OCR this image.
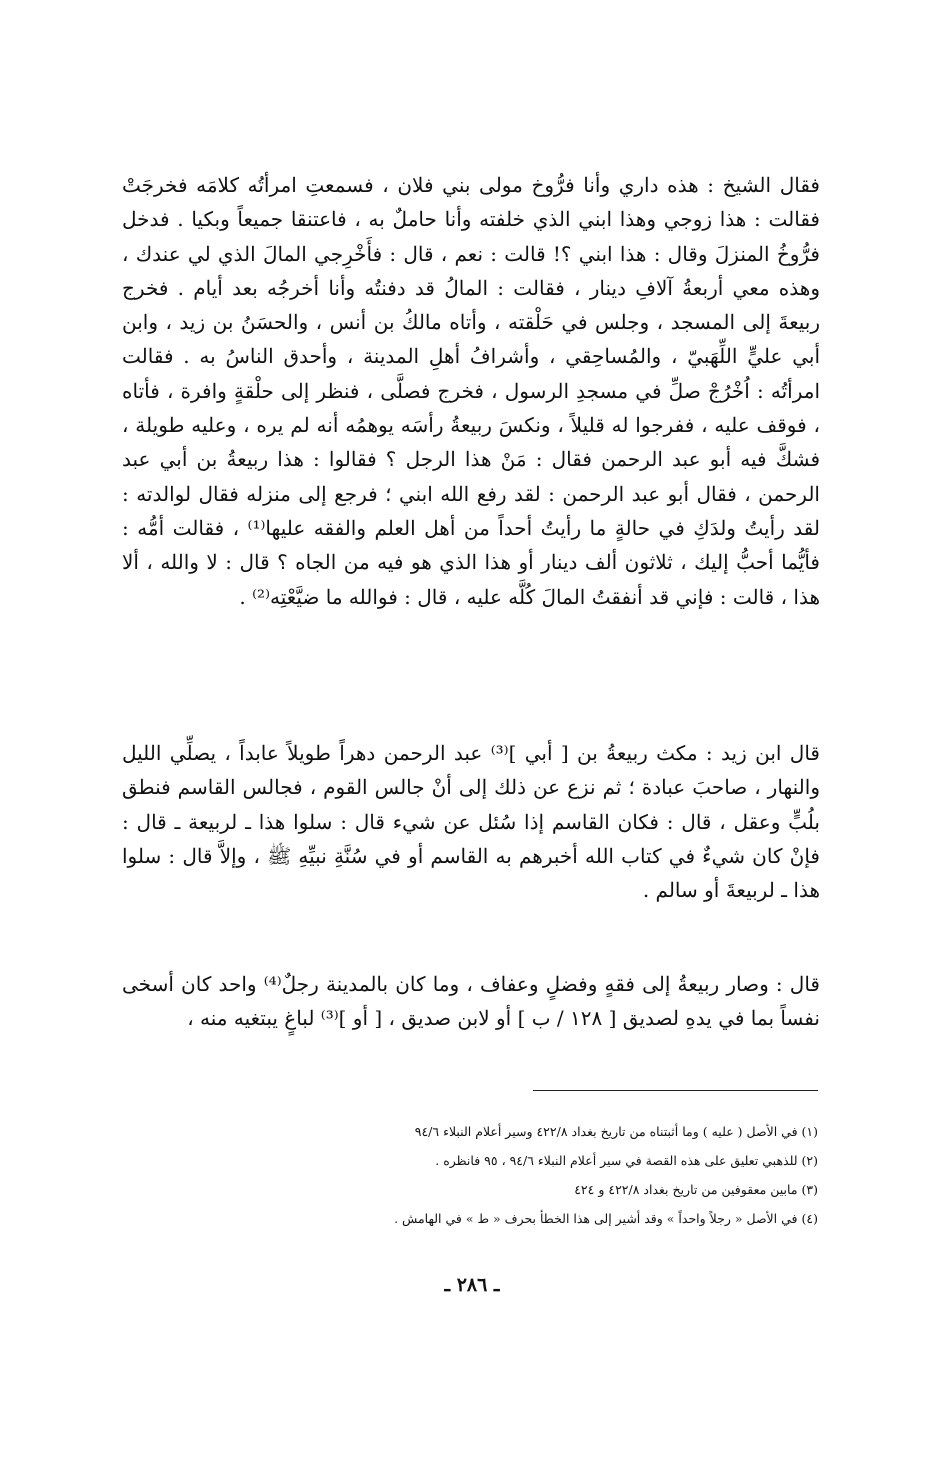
فقال الشيخ : هذه داري وأنا فرُّوخ مولى بني فلان ، فسمعتِ امرأتُه كلامَه فخرجَتْ فقالت : هذا زوجي وهذا ابني الذي خلفته وأنا حاملٌ به ، فاعتنقا جميعاً وبكيا . فدخل فرُّوخُ المنزلَ وقال : هذا ابني ؟! قالت : نعم ، قال : فأَخْرِجي المالَ الذي لي عندك ، وهذه معي أربعةُ آلافِ دينار ، فقالت : المالُ قد دفنتُه وأنا أخرجُه بعد أيام . فخرج ربيعةَ إلى المسجد ، وجلس في حَلْقته ، وأتاه مالكُ بن أنس ، والحسَنُ بن زيد ، وابن أبي عليٍّ اللِّهَبيّ ، والمُساحِقي ، وأشرافُ أهلِ المدينة ، وأحدق الناسُ به . فقالت امرأتُه : اُخْرُجْ صلِّ في مسجدِ الرسول ، فخرج فصلَّى ، فنظر إلى حلْقةٍ وافرة ، فأتاه ، فوقف عليه ، ففرجوا له قليلاً ، ونكسَ ربيعةُ رأسَه يوهمُه أنه لم يره ، وعليه طويلة ، فشكَّ فيه أبو عبد الرحمن فقال : مَنْ هذا الرجل ؟ فقالوا : هذا ربيعةُ بن أبي عبد الرحمن ، فقال أبو عبد الرحمن : لقد رفع الله ابني ؛ فرجع إلى منزله فقال لوالدته : لقد رأيتُ ولدَكِ في حالةٍ ما رأيتُ أحداً من أهل العلم والفقه عليها⁽¹⁾ ، فقالت أمُّه : فأيُّما أحبُّ إليك ، ثلاثون ألف دينار أو هذا الذي هو فيه من الجاه ؟ قال : لا والله ، ألا هذا ، قالت : فإني قد أنفقتُ المالَ كُلَّه عليه ، قال : فوالله ما ضيَّعْتِه⁽²⁾ .

قال ابن زيد : مكث ربيعةُ بن [ أبي ]⁽³⁾ عبد الرحمن دهراً طويلاً عابداً ، يصلِّي الليل والنهار ، صاحبَ عبادة ؛ ثم نزع عن ذلك إلى أنْ جالس القوم ، فجالس القاسم فنطق بلُبٍّ وعقل ، قال : فكان القاسم إذا سُئل عن شيء قال : سلوا هذا ـ لربيعة ـ قال : فإنْ كان شيءٌ في كتاب الله أخبرهم به القاسم أو في سُنَّةِ نبيِّهِ ﷺ ، وإلاَّ قال : سلوا هذا ـ لربيعةَ أو سالم .

قال : وصار ربيعةُ إلى فقهٍ وفضلٍ وعفاف ، وما كان بالمدينة رجلٌ⁽⁴⁾ واحد كان أسخى نفساً بما في يدهِ لصديق [ ١٢٨ / ب ] أو لابن صديق ، [ أو ]⁽³⁾ لباغٍ يبتغيه منه ،

(١) في الأصل ( عليه ) وما أثبتناه من تاريخ بغداد ٤٢٢/٨ وسير أعلام النبلاء ٩٤/٦

(٢) للذهبي تعليق على هذه القصة في سير أعلام النبلاء ٩٤/٦ ، ٩٥ فانظره .

(٣) مابين معقوفين من تاريخ بغداد ٤٢٢/٨ و ٤٢٤

(٤) في الأصل « رجلاً واحداً » وقد أشير إلى هذا الخطأ بحرف « ط » في الهامش .

ـ ٢٨٦ ـ
